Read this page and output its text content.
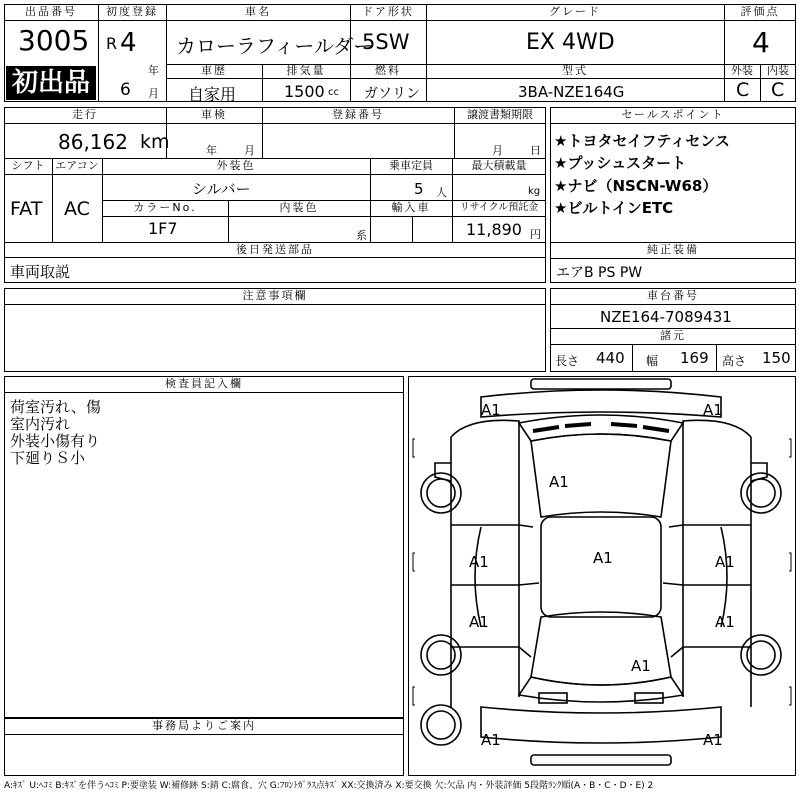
出品番号
3005
初出品
初度登録
R 4
年
6 月
車名
カローラフィールダー
ドア形状
5SW
グレード
EX 4WD
評価点
4
車歴
自家用
排気量
1500 cc
燃料
ガソリン
型式
3BA-NZE164G
外装	内装
C C
走行
86,162 km
車検
年 月
登録番号	譲渡書類期限
月 日
シフト
FAT
エアコン
AC
外装色
シルバー
乗車定員
5 人
最大積載量
kg
カラーNo.
1F7
内装色
系
輸入車	リサイクル預託金
11,890 円
後日発送部品
車両取説
セールスポイント
★トヨタセイフティセンス
★プッシュスタート
★ナビ（NSCN-W68）
★ビルトインETC
純正装備
エアB PS PW
注意事項欄	車台番号
NZE164-7089431
諸元
長さ 440 幅 169 高さ 150
検査員記入欄
荷室汚れ、傷
室内汚れ
外装小傷有り
下廻りＳ小
事務局よりご案内
A1	A1
A1
A1
A1	A1
A1	A1
A1
A1	A1
A:ｷｽﾞ U:ﾍｺﾐ B:ｷｽﾞを伴うﾍｺﾐ P:要塗装 W:補修跡 S:錆 C:腐食、穴 G:ﾌﾛﾝﾄｶﾞﾗｽ点ｷｽﾞ XX:交換済み X:要交換 欠:欠品 内・外装評価 5段階ﾗﾝｸ順(A・B・C・D・E) 2
